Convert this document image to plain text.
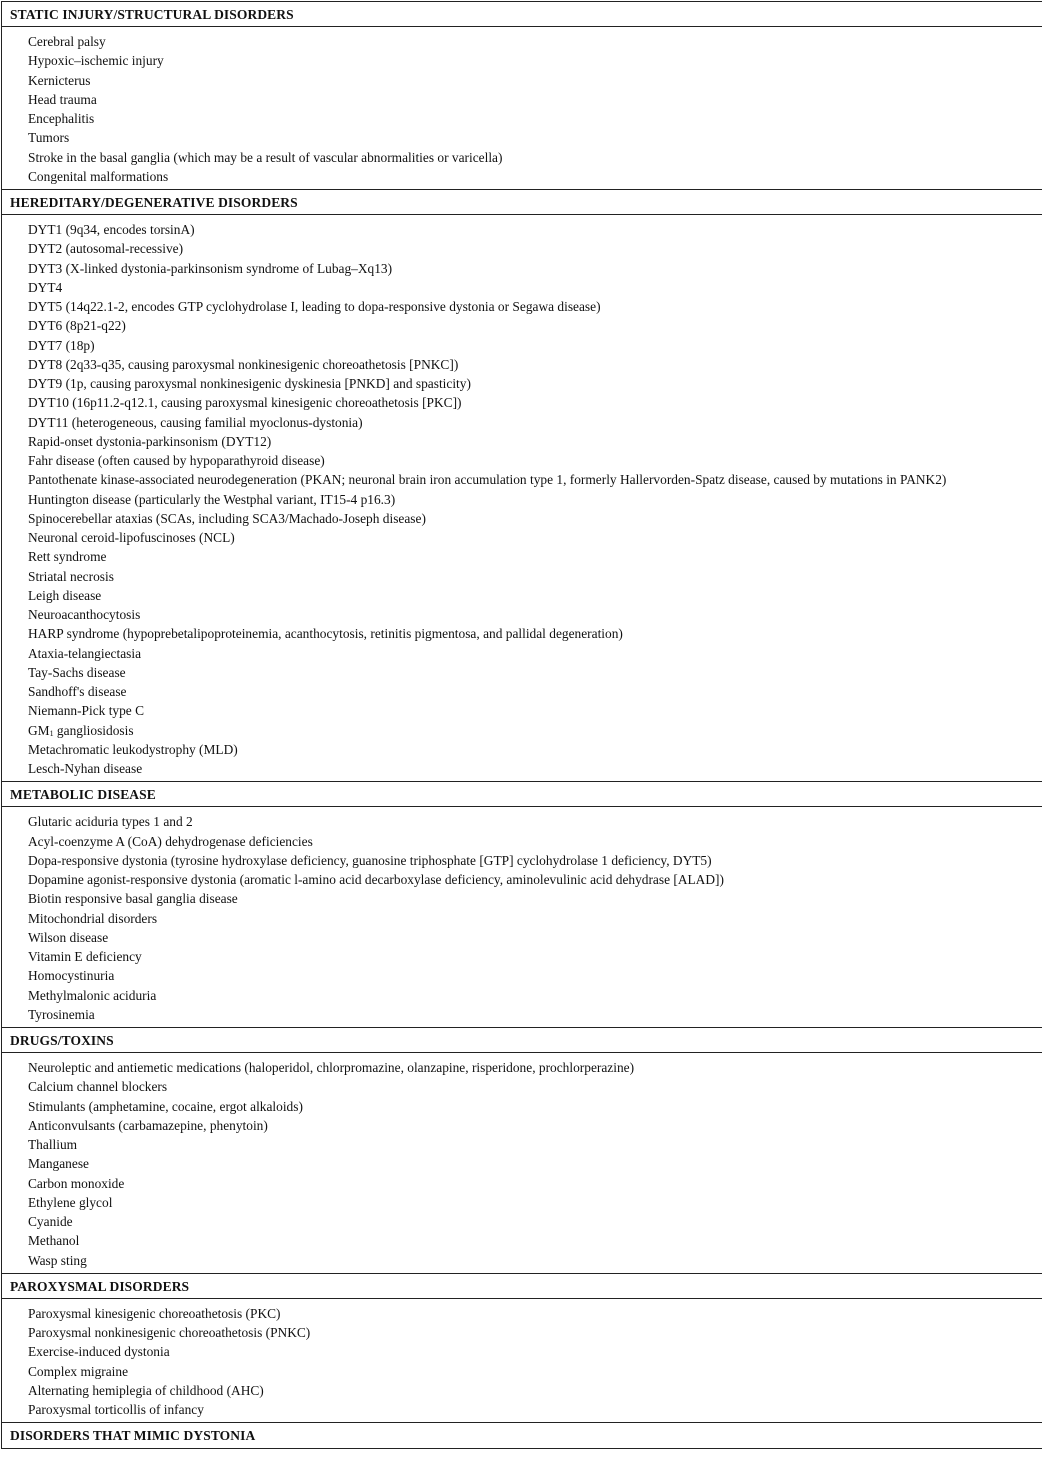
STATIC INJURY/STRUCTURAL DISORDERS
Cerebral palsy
Hypoxic–ischemic injury
Kernicterus
Head trauma
Encephalitis
Tumors
Stroke in the basal ganglia (which may be a result of vascular abnormalities or varicella)
Congenital malformations
HEREDITARY/DEGENERATIVE DISORDERS
DYT1 (9q34, encodes torsinA)
DYT2 (autosomal-recessive)
DYT3 (X-linked dystonia-parkinsonism syndrome of Lubag–Xq13)
DYT4
DYT5 (14q22.1-2, encodes GTP cyclohydrolase I, leading to dopa-responsive dystonia or Segawa disease)
DYT6 (8p21-q22)
DYT7 (18p)
DYT8 (2q33-q35, causing paroxysmal nonkinesigenic choreoathetosis [PNKC])
DYT9 (1p, causing paroxysmal nonkinesigenic dyskinesia [PNKD] and spasticity)
DYT10 (16p11.2-q12.1, causing paroxysmal kinesigenic choreoathetosis [PKC])
DYT11 (heterogeneous, causing familial myoclonus-dystonia)
Rapid-onset dystonia-parkinsonism (DYT12)
Fahr disease (often caused by hypoparathyroid disease)
Pantothenate kinase-associated neurodegeneration (PKAN; neuronal brain iron accumulation type 1, formerly Hallervorden-Spatz disease, caused by mutations in PANK2)
Huntington disease (particularly the Westphal variant, IT15-4 p16.3)
Spinocerebellar ataxias (SCAs, including SCA3/Machado-Joseph disease)
Neuronal ceroid-lipofuscinoses (NCL)
Rett syndrome
Striatal necrosis
Leigh disease
Neuroacanthocytosis
HARP syndrome (hypoprebetalipoproteinemia, acanthocytosis, retinitis pigmentosa, and pallidal degeneration)
Ataxia-telangiectasia
Tay-Sachs disease
Sandhoff's disease
Niemann-Pick type C
$GM_1$ gangliosidosis
Metachromatic leukodystrophy (MLD)
Lesch-Nyhan disease
METABOLIC DISEASE
Glutaric aciduria types 1 and 2
Acyl-coenzyme A (CoA) dehydrogenase deficiencies
Dopa-responsive dystonia (tyrosine hydroxylase deficiency, guanosine triphosphate [GTP] cyclohydrolase 1 deficiency, DYT5)
Dopamine agonist-responsive dystonia (aromatic l-amino acid decarboxylase deficiency, aminolevulinic acid dehydrase [ALAD])
Biotin responsive basal ganglia disease
Mitochondrial disorders
Wilson disease
Vitamin E deficiency
Homocystinuria
Methylmalonic aciduria
Tyrosinemia
DRUGS/TOXINS
Neuroleptic and antiemetic medications (haloperidol, chlorpromazine, olanzapine, risperidone, prochlorperazine)
Calcium channel blockers
Stimulants (amphetamine, cocaine, ergot alkaloids)
Anticonvulsants (carbamazepine, phenytoin)
Thallium
Manganese
Carbon monoxide
Ethylene glycol
Cyanide
Methanol
Wasp sting
PAROXYSMAL DISORDERS
Paroxysmal kinesigenic choreoathetosis (PKC)
Paroxysmal nonkinesigenic choreoathetosis (PNKC)
Exercise-induced dystonia
Complex migraine
Alternating hemiplegia of childhood (AHC)
Paroxysmal torticollis of infancy
DISORDERS THAT MIMIC DYSTONIA
